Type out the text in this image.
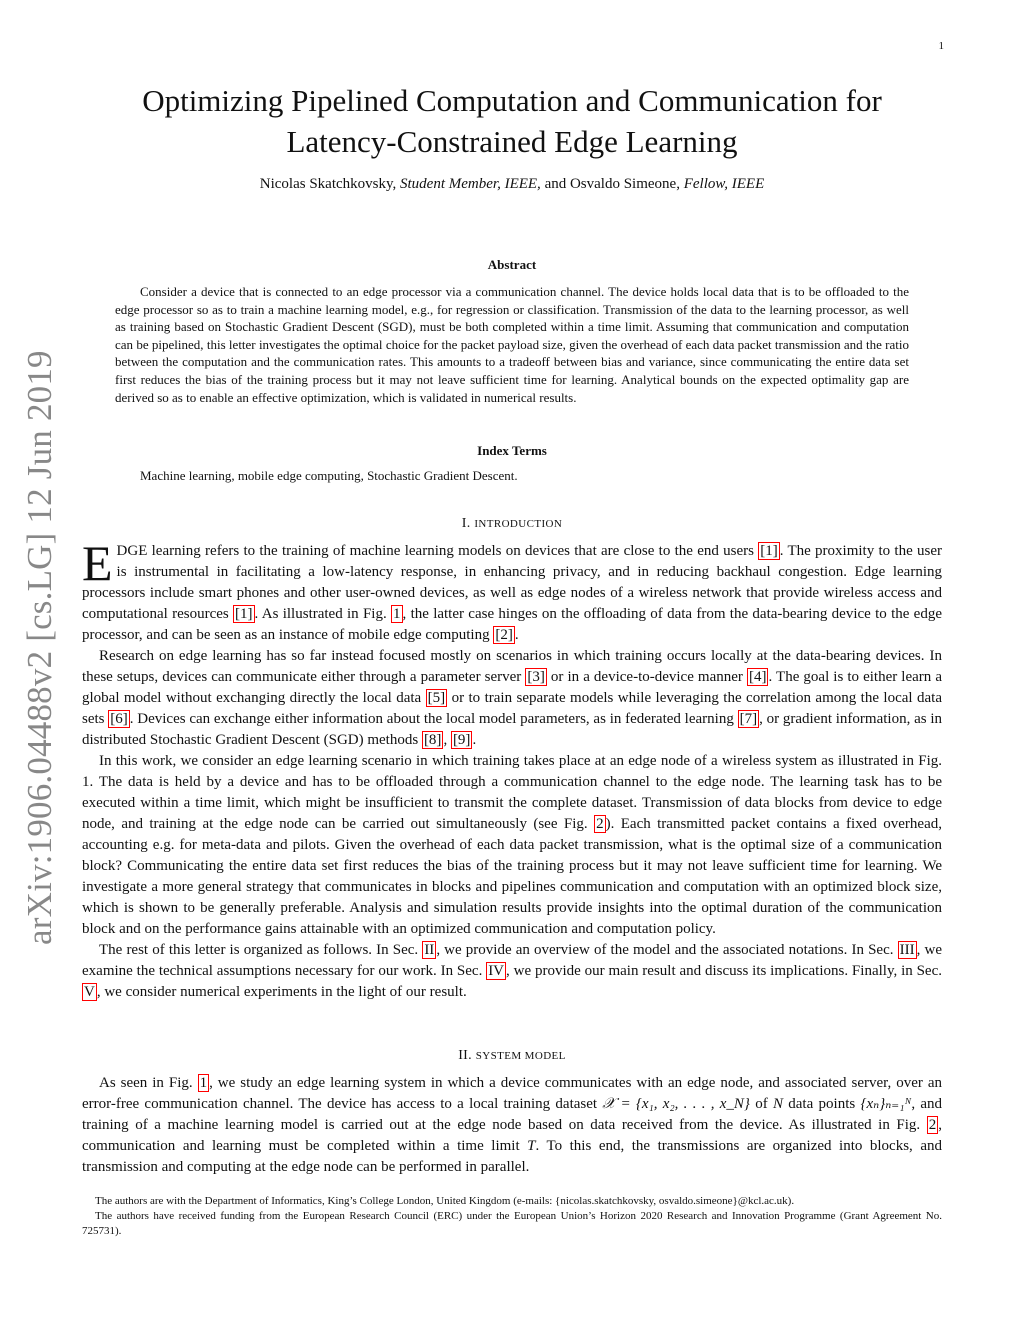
1
arXiv:1906.04488v2 [cs.LG] 12 Jun 2019
Optimizing Pipelined Computation and Communication for
Latency-Constrained Edge Learning
Nicolas Skatchkovsky, Student Member, IEEE, and Osvaldo Simeone, Fellow, IEEE
Abstract

Consider a device that is connected to an edge processor via a communication channel. The device holds local data that is to be offloaded to the edge processor so as to train a machine learning model, e.g., for regression or classification. Transmission of the data to the learning processor, as well as training based on Stochastic Gradient Descent (SGD), must be both completed within a time limit. Assuming that communication and computation can be pipelined, this letter investigates the optimal choice for the packet payload size, given the overhead of each data packet transmission and the ratio between the computation and the communication rates. This amounts to a tradeoff between bias and variance, since communicating the entire data set first reduces the bias of the training process but it may not leave sufficient time for learning. Analytical bounds on the expected optimality gap are derived so as to enable an effective optimization, which is validated in numerical results.

Index Terms

Machine learning, mobile edge computing, Stochastic Gradient Descent.

I. INTRODUCTION

EDGE learning refers to the training of machine learning models on devices that are close to the end users [1] . The proximity to the user is instrumental in facilitating a low-latency response, in enhancing privacy, and in reducing backhaul congestion. Edge learning processors include smart phones and other user-owned devices, as well as edge nodes of a wireless network that provide wireless access and computational resources [1] . As illustrated in Fig. 1 , the latter case hinges on the offloading of data from the data-bearing device to the edge processor, and can be seen as an instance of mobile edge computing [2] .

Research on edge learning has so far instead focused mostly on scenarios in which training occurs locally at the data-bearing devices. In these setups, devices can communicate either through a parameter server [3] or in a device-to-device manner [4] . The goal is to either learn a global model without exchanging directly the local data [5] or to train separate models while leveraging the correlation among the local data sets [6] . Devices can exchange either information about the local model parameters, as in federated learning [7] , or gradient information, as in distributed Stochastic Gradient Descent (SGD) methods [8] , [9] .

In this work, we consider an edge learning scenario in which training takes place at an edge node of a wireless system as illustrated in Fig. 1. The data is held by a device and has to be offloaded through a communication channel to the edge node. The learning task has to be executed within a time limit, which might be insufficient to transmit the complete dataset. Transmission of data blocks from device to edge node, and training at the edge node can be carried out simultaneously (see Fig. 2 ). Each transmitted packet contains a fixed overhead, accounting e.g. for meta-data and pilots. Given the overhead of each data packet transmission, what is the optimal size of a communication block? Communicating the entire data set first reduces the bias of the training process but it may not leave sufficient time for learning. We investigate a more general strategy that communicates in blocks and pipelines communication and computation with an optimized block size, which is shown to be generally preferable. Analysis and simulation results provide insights into the optimal duration of the communication block and on the performance gains attainable with an optimized communication and computation policy.

The rest of this letter is organized as follows. In Sec. II , we provide an overview of the model and the associated notations. In Sec. III , we examine the technical assumptions necessary for our work. In Sec. IV , we provide our main result and discuss its implications. Finally, in Sec. V , we consider numerical experiments in the light of our result.

II. SYSTEM MODEL

As seen in Fig. 1 , we study an edge learning system in which a device communicates with an edge node, and associated server, over an error-free communication channel. The device has access to a local training dataset 𝒳 = {x₁, x₂, . . . , x_N} of N data points {xₙ}ₙ₌₁ᴺ, and training of a machine learning model is carried out at the edge node based on data received from the device. As illustrated in Fig. 2 , communication and learning must be completed within a time limit T. To this end, the transmissions are organized into blocks, and transmission and computing at the edge node can be performed in parallel.

The authors are with the Department of Informatics, King’s College London, United Kingdom (e-mails: {nicolas.skatchkovsky, osvaldo.simeone}@kcl.ac.uk).

The authors have received funding from the European Research Council (ERC) under the European Union’s Horizon 2020 Research and Innovation Programme (Grant Agreement No. 725731).
